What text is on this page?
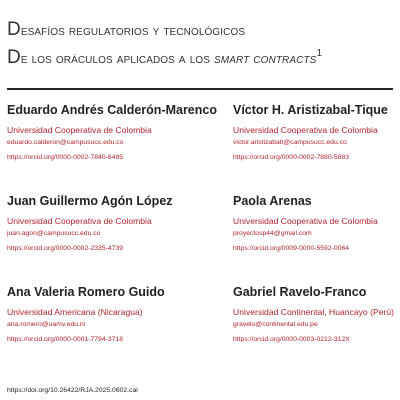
Desafíos regulatorios y tecnológicos
De los oráculos aplicados a los smart contracts$^1$
Eduardo Andrés Calderón-Marenco
Universidad Cooperativa de Colombia
eduardo.calderon@campusucc.edu.co
https://orcid.org/0000-0002-7840-6495
Víctor H. Aristizabal-Tique
Universidad Cooperativa de Colombia
victor.aristizabalt@campusucc.edu.co
https://orcid.org/0000-0002-7880-5883
Juan Guillermo Agón López
Universidad Cooperativa de Colombia
juan.agon@campusucc.edu.co
https://orcid.org/0000-0002-2335-4739
Paola Arenas
Universidad Cooperativa de Colombia
proyectosp44@gmail.com
https://orcid.org/0009-0000-5592-0064
Ana Valeria Romero Guido
Universidad Americana (Nicaragua)
ana.romero@uamv.edu.ni
https://orcid.org/0000-0001-7794-3718
Gabriel Ravelo-Franco
Universidad Continental, Huancayo (Perú)
gravelo@continental.edu.pe
https://orcid.org/0000-0003-0212-312X
https://doi.org/10.26422/RJA.2025.0602.cal
